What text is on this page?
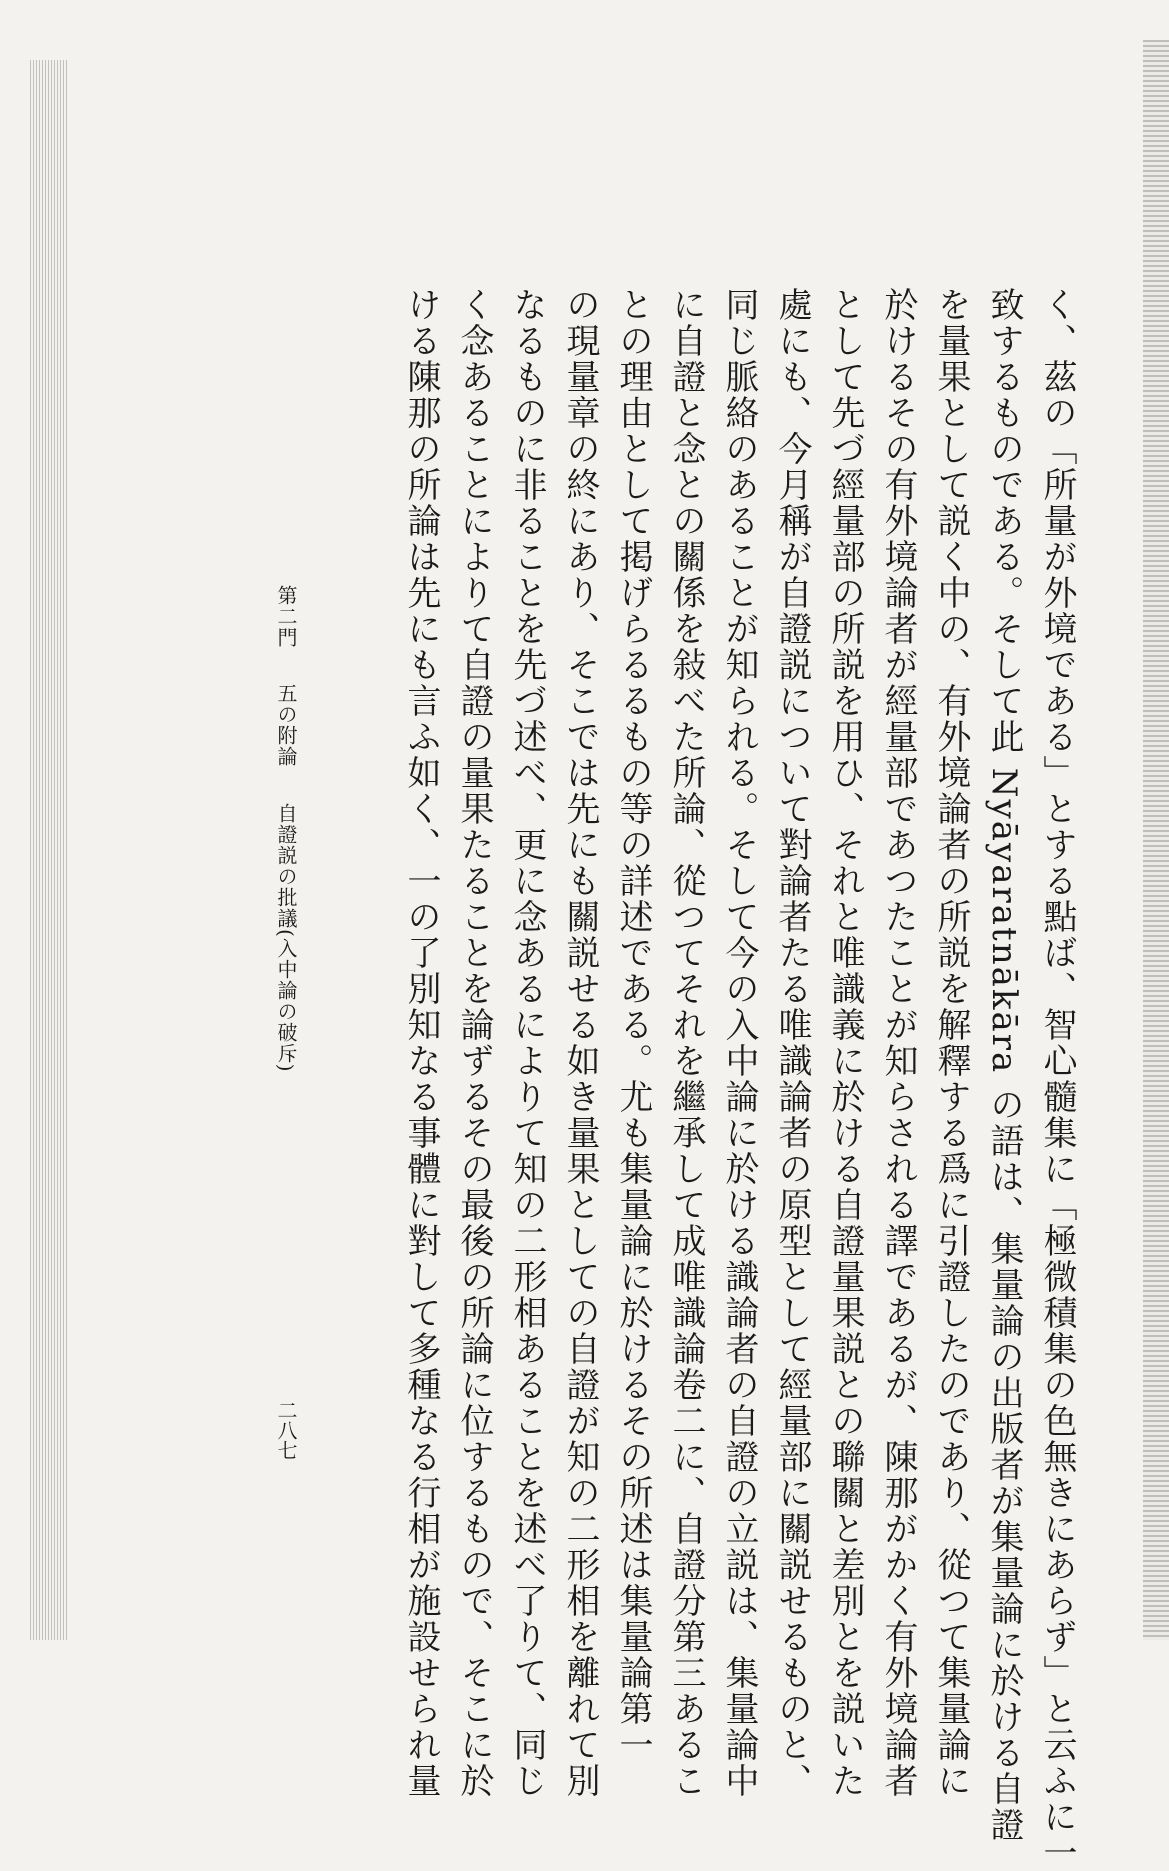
く、茲の「所量が外境である」とする點ば、智心髓集に「極微積集の色無きにあらず」と云ふに一
致するものである。そして此 Nyāyaratnākāra の語は、集量論の出版者が集量論に於ける自證
を量果として説く中の、有外境論者の所説を解釋する爲に引證したのであり、從つて集量論に
於けるその有外境論者が經量部であつたことが知らされる譯であるが、陳那がかく有外境論者
として先づ經量部の所説を用ひ、それと唯識義に於ける自證量果説との聯關と差別とを説いた
處にも、今月稱が自證説について對論者たる唯識論者の原型として經量部に關説せるものと、
同じ脈絡のあることが知られる。そして今の入中論に於ける識論者の自證の立説は、集量論中
に自證と念との關係を敍べた所論、從つてそれを繼承して成唯識論卷二に、自證分第三あるこ
との理由として掲げらるるもの等の詳述である。尤も集量論に於けるその所述は集量論第一
の現量章の終にあり、そこでは先にも關説せる如き量果としての自證が知の二形相を離れて別
なるものに非ることを先づ述べ、更に念あるによりて知の二形相あることを述べ了りて、同じ
く念あることによりて自證の量果たることを論ずるその最後の所論に位するもので、そこに於
ける陳那の所論は先にも言ふ如く、一の了別知なる事體に對して多種なる行相が施設せられ量
第二門 五の附論 自證説の批議(入中論の破斥)
二八七
